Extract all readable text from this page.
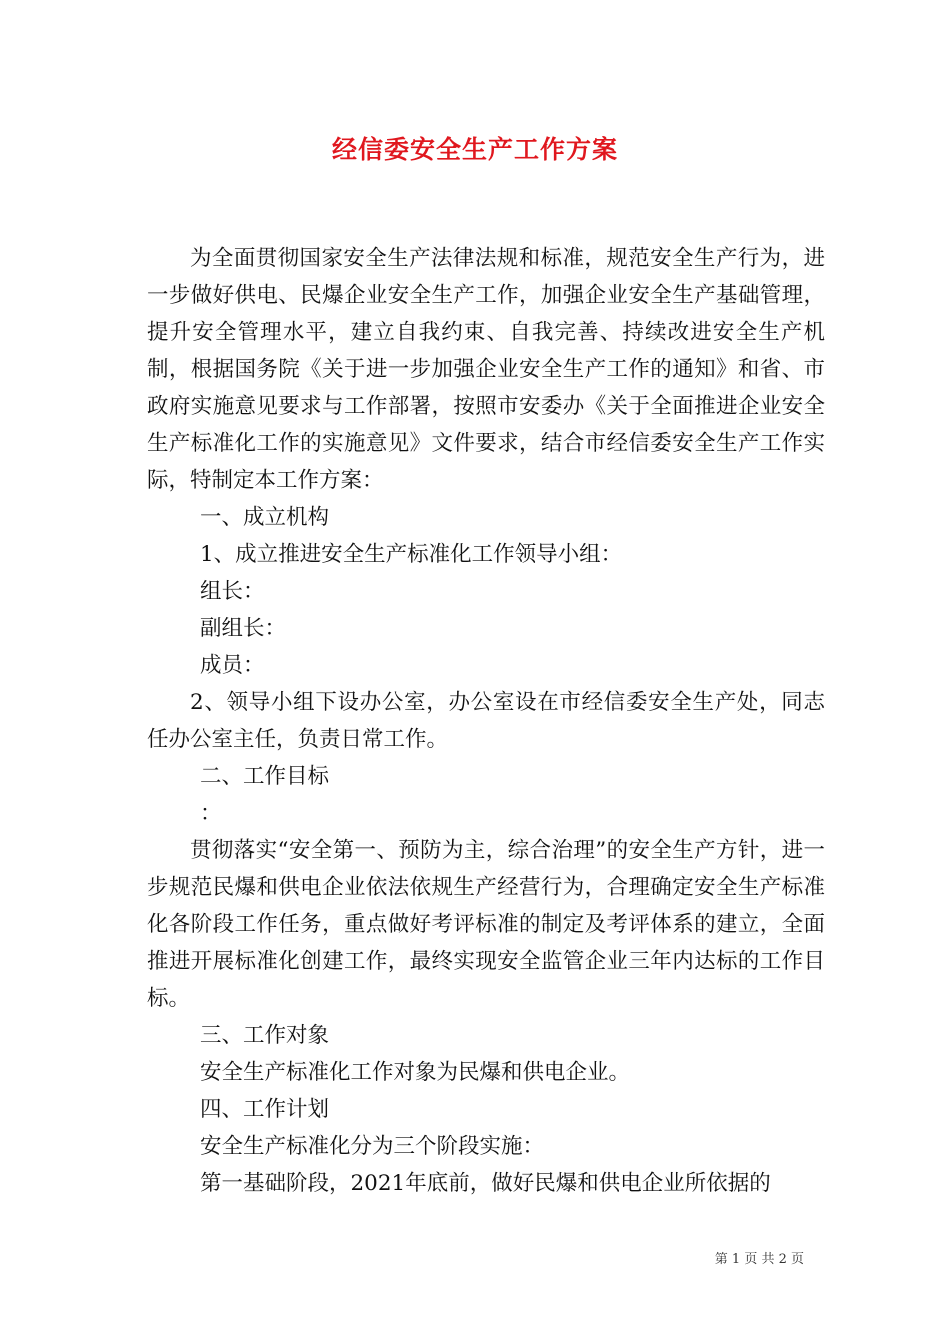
经信委安全生产工作方案

为全面贯彻国家安全生产法律法规和标准，规范安全生产行为，进一步做好供电、民爆企业安全生产工作，加强企业安全生产基础管理，提升安全管理水平，建立自我约束、自我完善、持续改进安全生产机制，根据国务院《关于进一步加强企业安全生产工作的通知》和省、市政府实施意见要求与工作部署，按照市安委办《关于全面推进企业安全生产标准化工作的实施意见》文件要求，结合市经信委安全生产工作实际，特制定本工作方案：

一、成立机构

1、成立推进安全生产标准化工作领导小组：

组长：

副组长：

成员：

2、领导小组下设办公室，办公室设在市经信委安全生产处，同志任办公室主任，负责日常工作。

二、工作目标

：

贯彻落实“安全第一、预防为主，综合治理”的安全生产方针，进一步规范民爆和供电企业依法依规生产经营行为，合理确定安全生产标准化各阶段工作任务，重点做好考评标准的制定及考评体系的建立，全面推进开展标准化创建工作，最终实现安全监管企业三年内达标的工作目标。

三、工作对象

安全生产标准化工作对象为民爆和供电企业。

四、工作计划

安全生产标准化分为三个阶段实施：

第一基础阶段，2021年底前，做好民爆和供电企业所依据的

第 1 页 共 2 页
